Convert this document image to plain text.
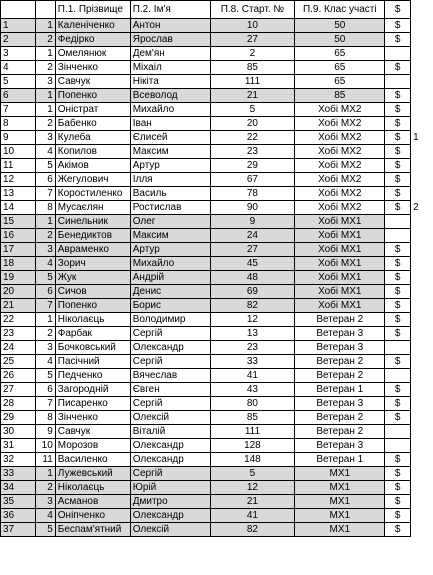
		П.1. Прізвище	П.2. Ім'я	П.8. Старт. №	П.9. Клас участі	$	
1	1	Каленіченко	Антон	10	50	$	
2	2	Федірко	Ярослав	27	50	$	
3	1	Омелянюк	Дем'ян	2	65		
4	2	Зінченко	Міхаіл	85	65	$	
5	3	Савчук	Нікіта	111	65		
6	1	Попенко	Всеволод	21	85	$	
7	1	Оністрат	Михайло	5	Хобі МХ2	$	
8	2	Бабенко	Іван	20	Хобі МХ2	$	
9	3	Кулеба	Єлисей	22	Хобі МХ2	$	1
10	4	Копилов	Максим	23	Хобі МХ2	$	
11	5	Акімов	Артур	29	Хобі МХ2	$	
12	6	Жегулович	Ілля	67	Хобі МХ2	$	
13	7	Коростиленко	Василь	78	Хобі МХ2	$	
14	8	Мусаєлян	Ростислав	90	Хобі МХ2	$	2
15	1	Синельник	Олег	9	Хобі МХ1		
16	2	Бенедиктов	Максим	24	Хобі МХ1		
17	3	Авраменко	Артур	27	Хобі МХ1	$	
18	4	Зорич	Михайло	45	Хобі МХ1	$	
19	5	Жук	Андрій	48	Хобі МХ1	$	
20	6	Сичов	Денис	69	Хобі МХ1	$	
21	7	Попенко	Борис	82	Хобі МХ1	$	
22	1	Ніколаєць	Володимир	12	Ветеран 2	$	
23	2	Фарбак	Сергій	13	Ветеран 3	$	
24	3	Бочковський	Олександр	23	Ветеран 3		
25	4	Пасічний	Сергій	33	Ветеран 2	$	
26	5	Педченко	Вячеслав	41	Ветеран 2		
27	6	Загородній	Євген	43	Ветеран 1	$	
28	7	Писаренко	Сергій	80	Ветеран 3	$	
29	8	Зінченко	Олексій	85	Ветеран 2	$	
30	9	Савчук	Віталій	111	Ветеран 2		
31	10	Морозов	Олександр	128	Ветеран 3		
32	11	Василенко	Олександр	148	Ветеран 1	$	
33	1	Лужевський	Сергій	5	МХ1	$	
34	2	Ніколаєць	Юрій	12	МХ1	$	
35	3	Асманов	Дмитро	21	МХ1	$	
36	4	Оніпченко	Олександр	41	МХ1	$	
37	5	Беспам'ятний	Олексій	82	МХ1	$	
